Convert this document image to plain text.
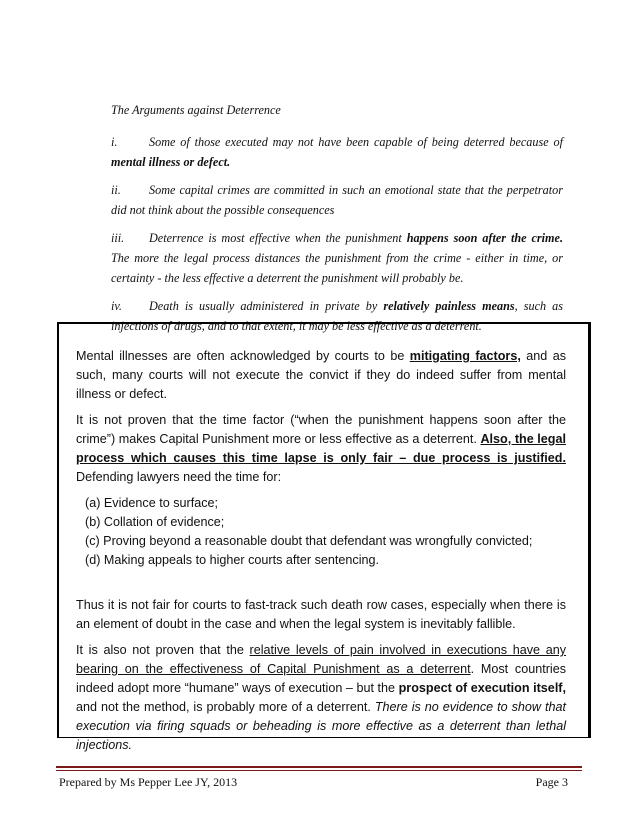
The Arguments against Deterrence

i.	Some of those executed may not have been capable of being deterred because of mental illness or defect.

ii. Some capital crimes are committed in such an emotional state that the perpetrator did not think about the possible consequences

iii. Deterrence is most effective when the punishment happens soon after the crime. The more the legal process distances the punishment from the crime - either in time, or certainty - the less effective a deterrent the punishment will probably be.

iv. Death is usually administered in private by relatively painless means, such as injections of drugs, and to that extent, it may be less effective as a deterrent.

Mental illnesses are often acknowledged by courts to be mitigating factors, and as such, many courts will not execute the convict if they do indeed suffer from mental illness or defect.

It is not proven that the time factor (“when the punishment happens soon after the crime”) makes Capital Punishment more or less effective as a deterrent. Also, the legal process which causes this time lapse is only fair – due process is justified. Defending lawyers need the time for:

(a) Evidence to surface;
(b) Collation of evidence;
(c) Proving beyond a reasonable doubt that defendant was wrongfully convicted;
(d) Making appeals to higher courts after sentencing.

Thus it is not fair for courts to fast-track such death row cases, especially when there is an element of doubt in the case and when the legal system is inevitably fallible.

It is also not proven that the relative levels of pain involved in executions have any bearing on the effectiveness of Capital Punishment as a deterrent. Most countries indeed adopt more “humane” ways of execution – but the prospect of execution itself, and not the method, is probably more of a deterrent. There is no evidence to show that execution via firing squads or beheading is more effective as a deterrent than lethal injections.

Prepared by Ms Pepper Lee JY, 2013	Page 3
